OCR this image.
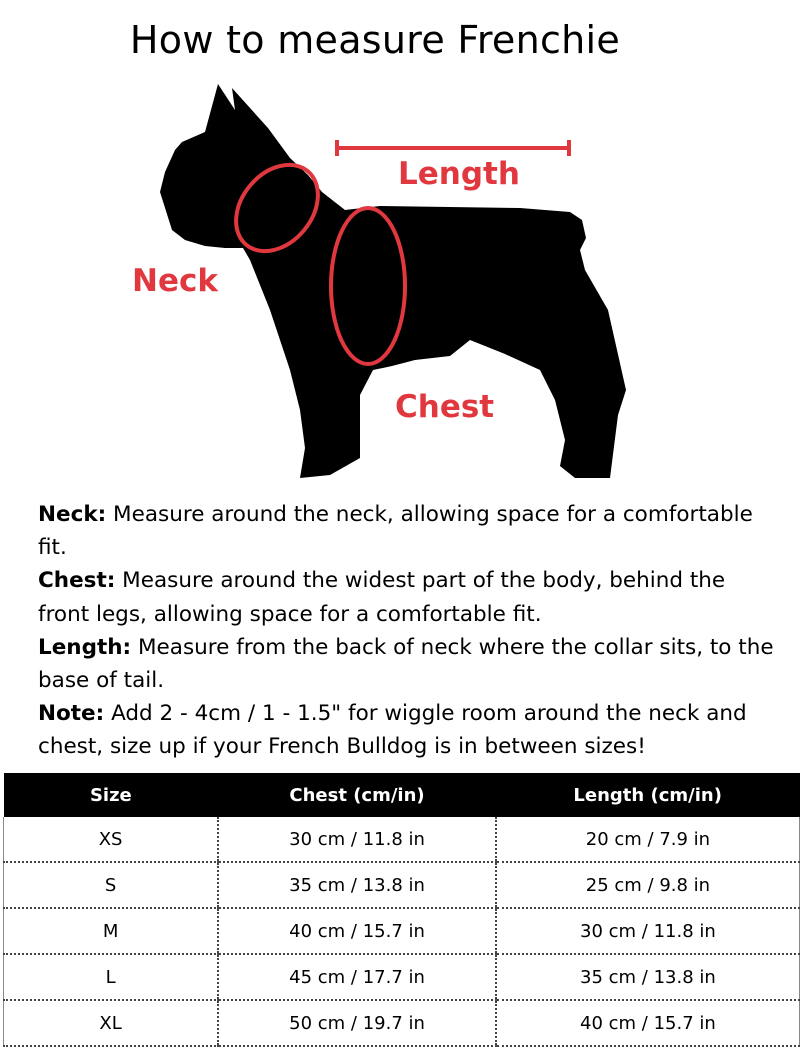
How to measure Frenchie
Length
Neck
Chest

Neck: Measure around the neck, allowing space for a comfortable fit.

Chest: Measure around the widest part of the body, behind the front legs, allowing space for a comfortable fit.

Length: Measure from the back of neck where the collar sits, to the base of tail.

Note: Add 2 - 4cm / 1 - 1.5" for wiggle room around the neck and chest, size up if your French Bulldog is in between sizes!

Size	Chest (cm/in)	Length (cm/in)
XS	30 cm / 11.8 in	20 cm / 7.9 in
S	35 cm / 13.8 in	25 cm / 9.8 in
M	40 cm / 15.7 in	30 cm / 11.8 in
L	45 cm / 17.7 in	35 cm / 13.8 in
XL	50 cm / 19.7 in	40 cm / 15.7 in
